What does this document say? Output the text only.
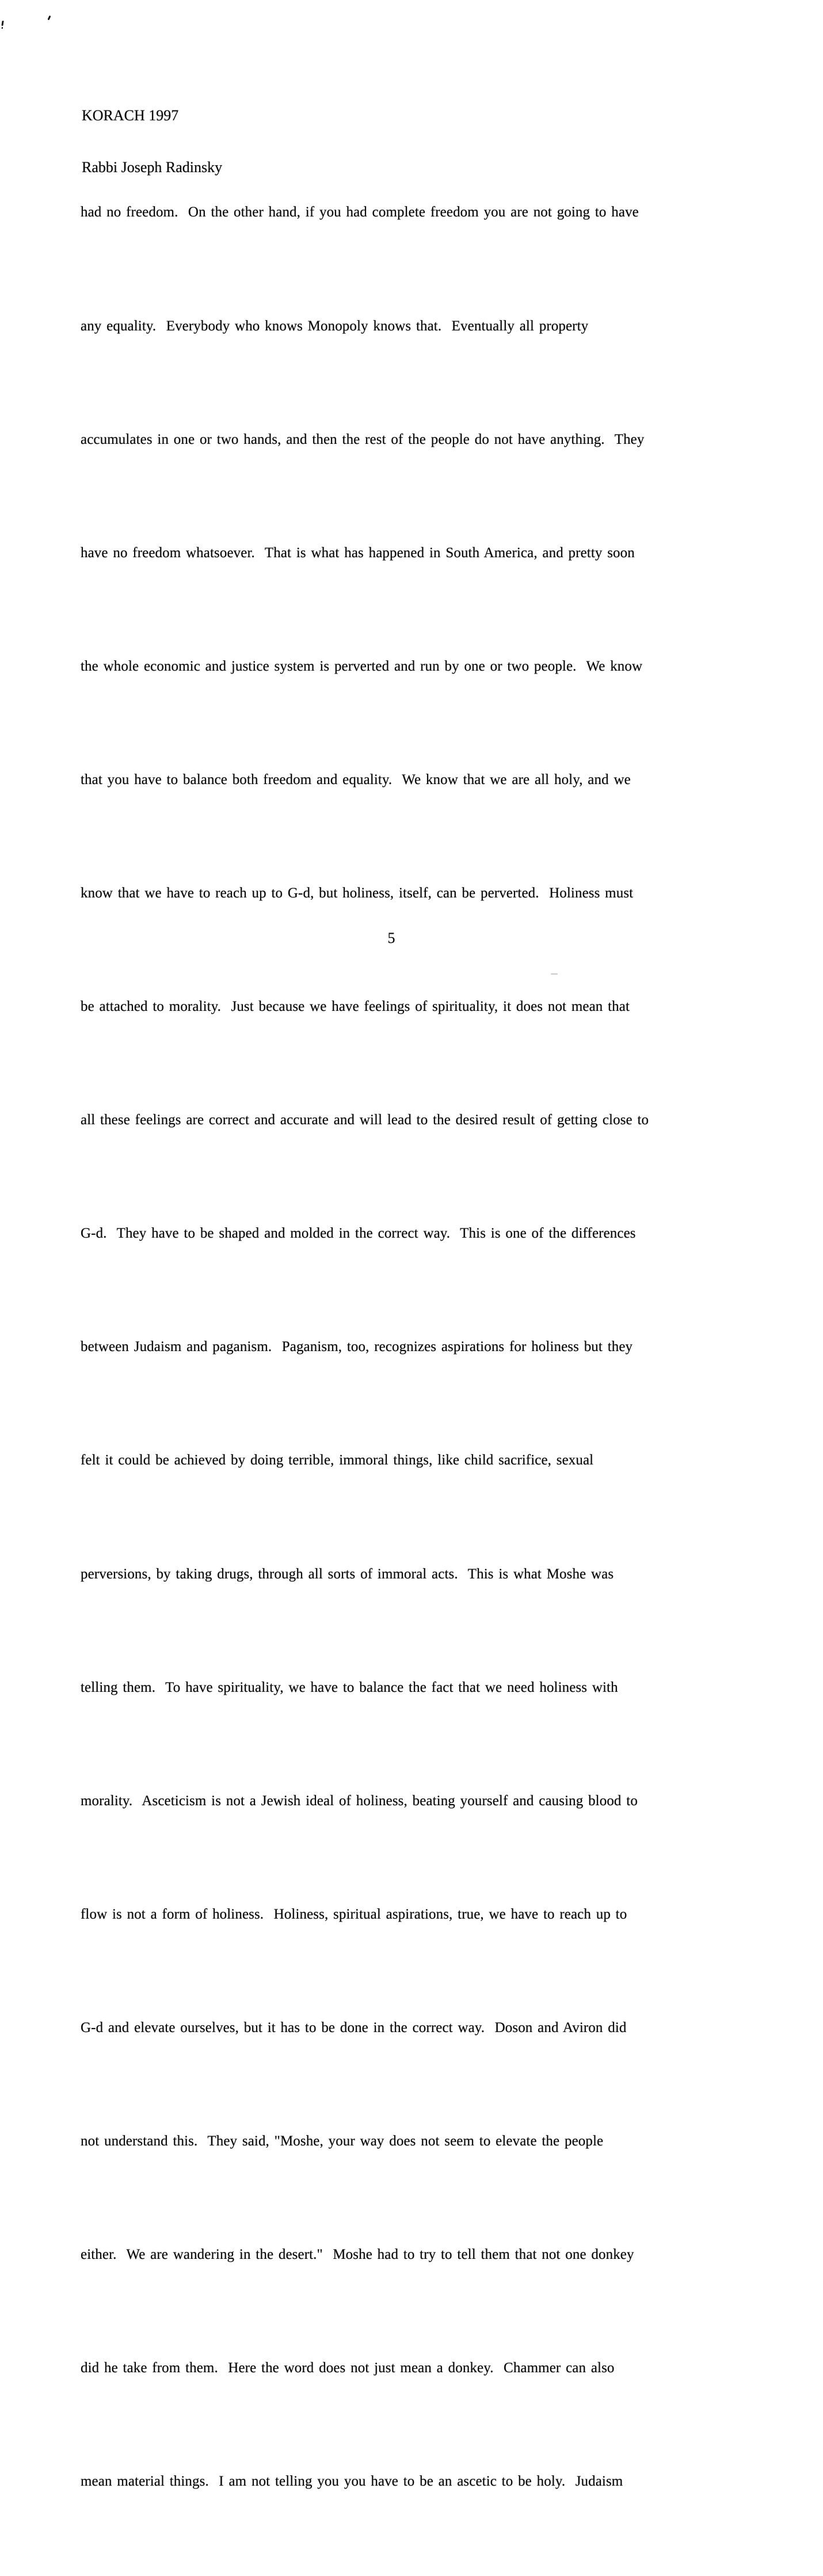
KORACH 1997

Rabbi Joseph Radinsky

had no freedom.  On the other hand, if you had complete freedom you are not going to have

any equality.  Everybody who knows Monopoly knows that.  Eventually all property

accumulates in one or two hands, and then the rest of the people do not have anything.  They

have no freedom whatsoever.  That is what has happened in South America, and pretty soon

the whole economic and justice system is perverted and run by one or two people.  We know

that you have to balance both freedom and equality.  We know that we are all holy, and we

know that we have to reach up to G-d, but holiness, itself, can be perverted.  Holiness must

be attached to morality.  Just because we have feelings of spirituality, it does not mean that

all these feelings are correct and accurate and will lead to the desired result of getting close to

G-d.  They have to be shaped and molded in the correct way.  This is one of the differences

between Judaism and paganism.  Paganism, too, recognizes aspirations for holiness but they

felt it could be achieved by doing terrible, immoral things, like child sacrifice, sexual

perversions, by taking drugs, through all sorts of immoral acts.  This is what Moshe was

telling them.  To have spirituality, we have to balance the fact that we need holiness with

morality.  Asceticism is not a Jewish ideal of holiness, beating yourself and causing blood to

flow is not a form of holiness.  Holiness, spiritual aspirations, true, we have to reach up to

G-d and elevate ourselves, but it has to be done in the correct way.  Doson and Aviron did

not understand this.  They said, "Moshe, your way does not seem to elevate the people

either.  We are wandering in the desert."  Moshe had to try to tell them that not one donkey

did he take from them.  Here the word does not just mean a donkey.  Chammer can also

mean material things.  I am not telling you you have to be an ascetic to be holy.  Judaism

5
